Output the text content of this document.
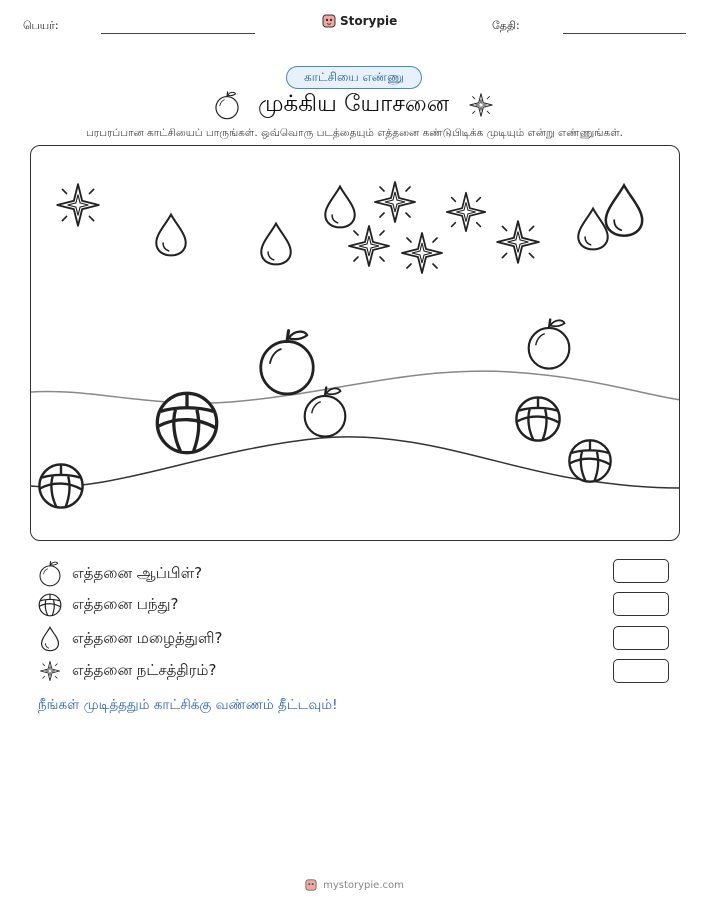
பெயர்:	Storypie	தேதி:
காட்சியை எண்ணு
முக்கிய யோசனை
பரபரப்பான காட்சியைப் பாருங்கள். ஒவ்வொரு படத்தையும் எத்தனை கண்டுபிடிக்க முடியும் என்று எண்ணுங்கள்.
எத்தனை ஆப்பிள்?
எத்தனை பந்து?
எத்தனை மழைத்துளி?
எத்தனை நட்சத்திரம்?
நீங்கள் முடித்ததும் காட்சிக்கு வண்ணம் தீட்டவும்!
mystorypie.com
